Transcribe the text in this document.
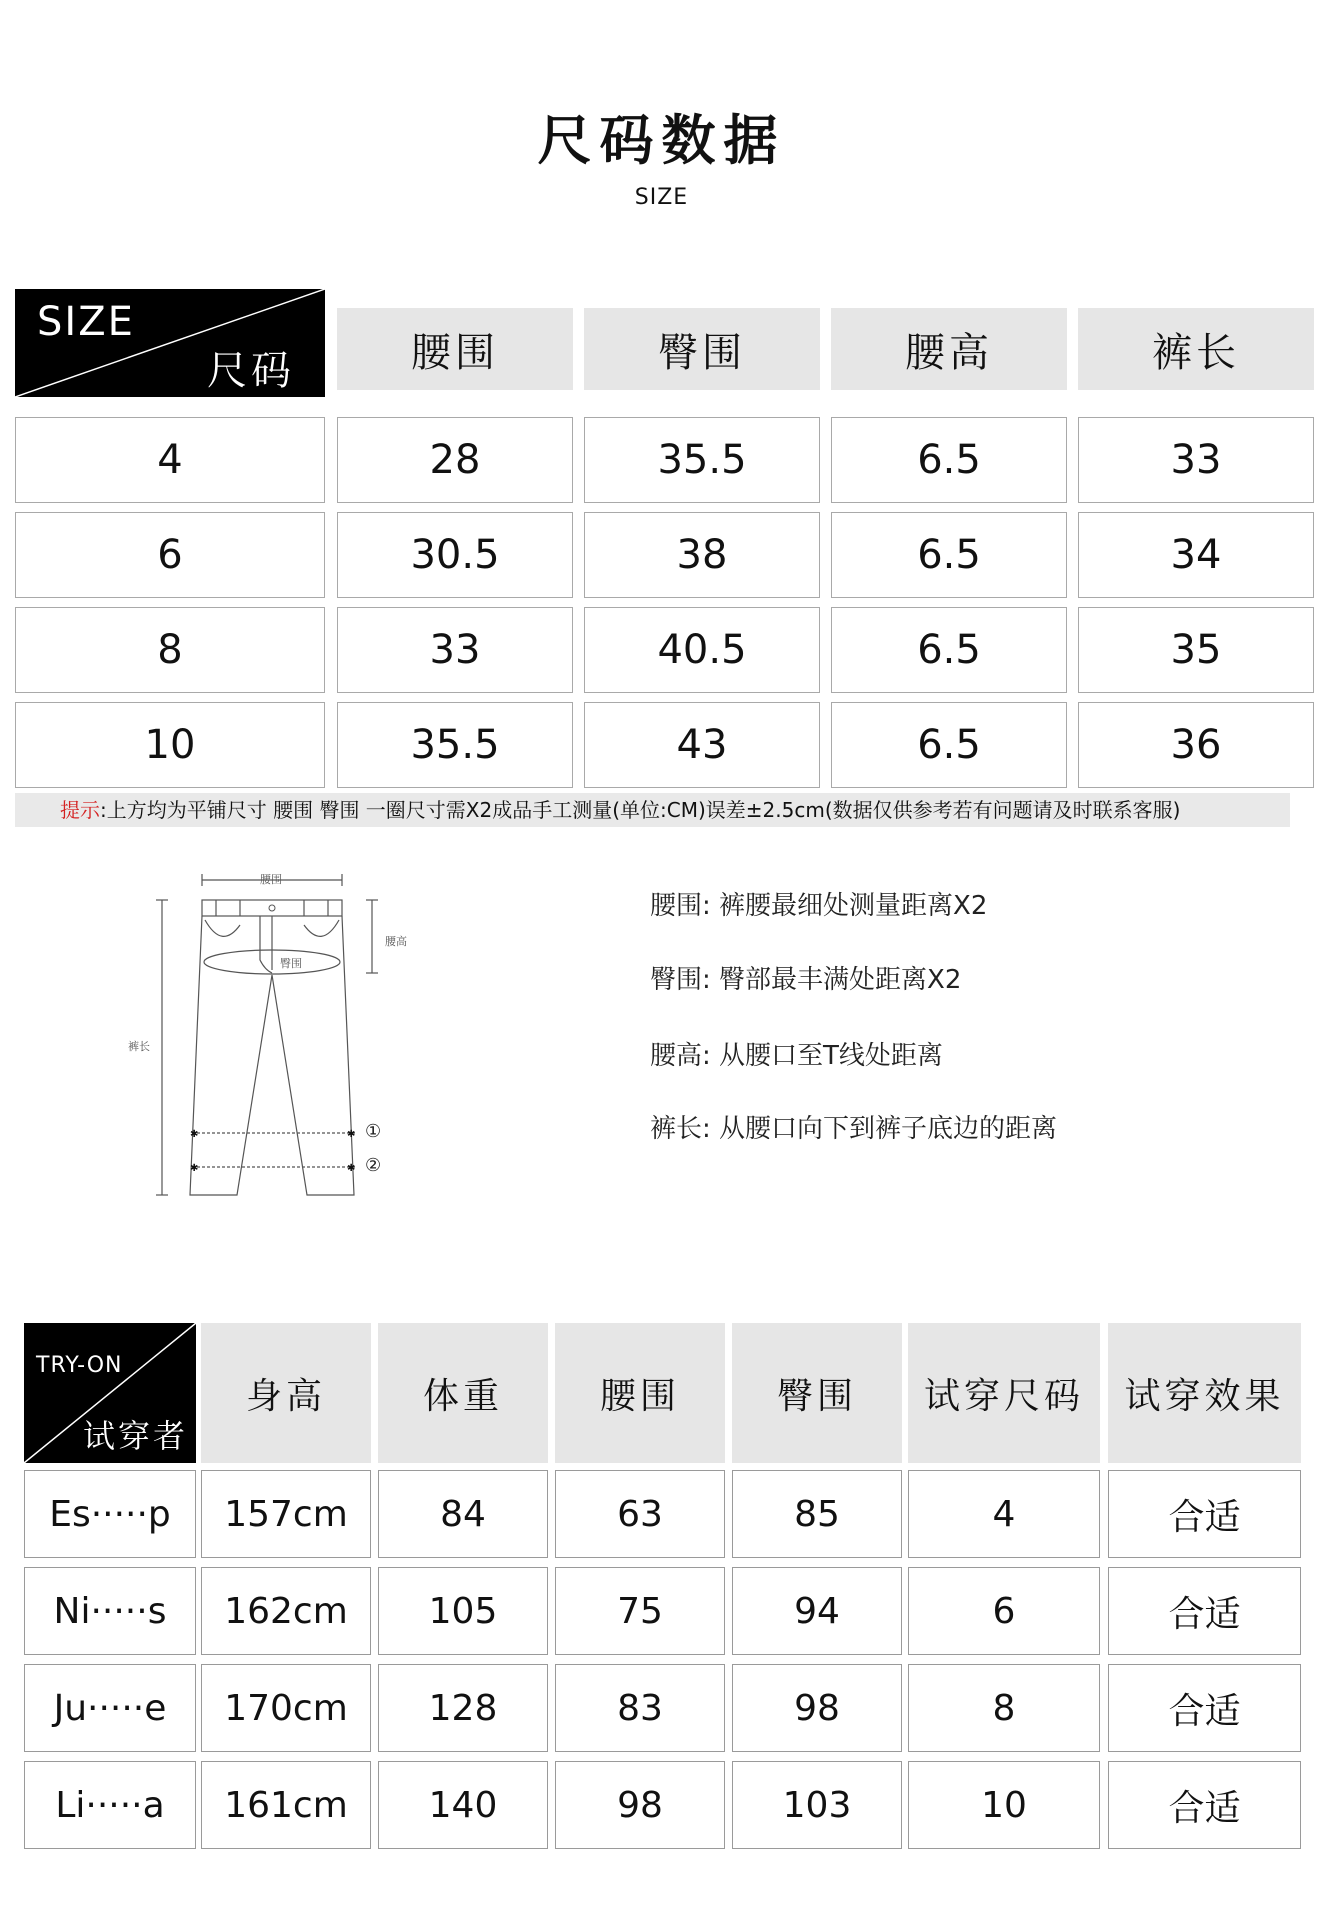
尺码数据
SIZE
SIZE
尺码	腰围	臀围	腰高	裤长
4	28	35.5	6.5	33
6	30.5	38	6.5	34
8	33	40.5	6.5	35
10	35.5	43	6.5	36
提示:上方均为平铺尺寸 腰围 臀围 一圈尺寸需X2成品手工测量(单位:CM)误差±2.5cm(数据仅供参考若有问题请及时联系客服)
✱	✱
✱	✱
腰围
臀围
腰高
裤长
①
②
腰围: 裤腰最细处测量距离X2
臀围: 臀部最丰满处距离X2
腰高: 从腰口至T线处距离
裤长: 从腰口向下到裤子底边的距离
TRY-ON
试穿者
身高	体重	腰围	臀围	试穿尺码	试穿效果
Es·····p	157cm	84	63	85	4	合适
Ni·····s	162cm	105	75	94	6	合适
Ju·····e	170cm	128	83	98	8	合适
Li·····a	161cm	140	98	103	10	合适
